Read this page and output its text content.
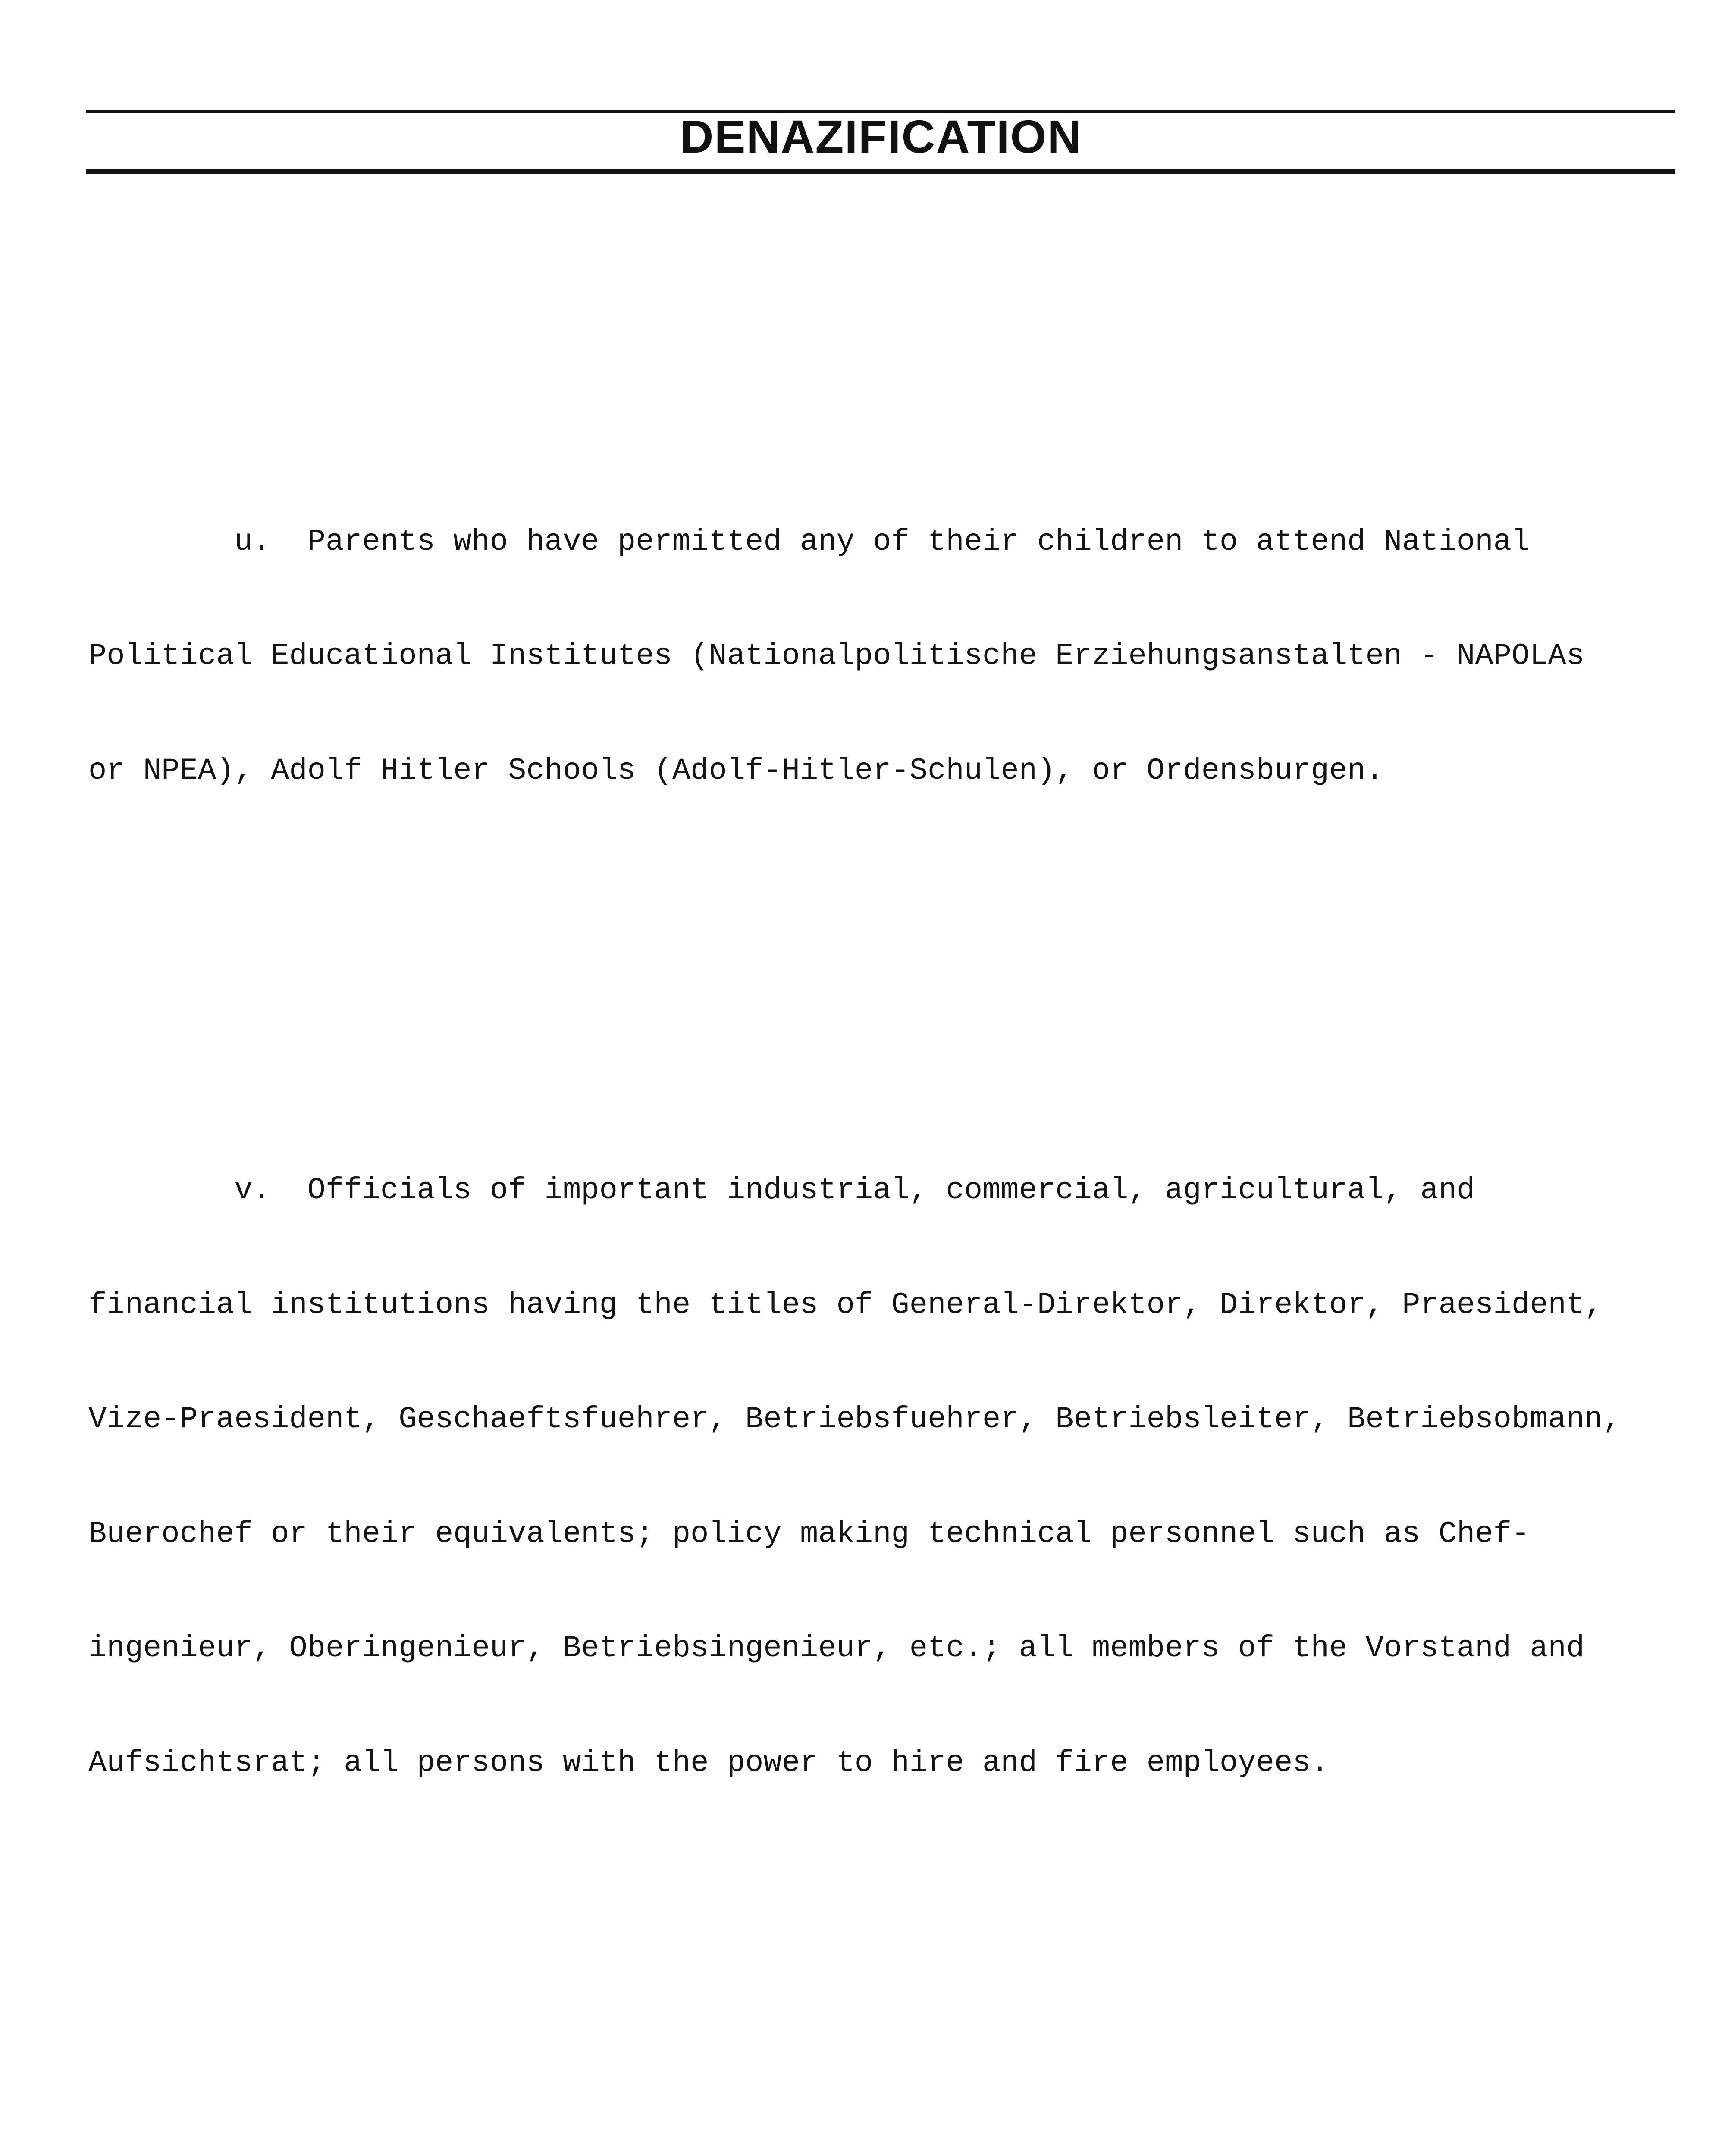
DENAZIFICATION

u.  Parents who have permitted any of their children to attend National

Political Educational Institutes (Nationalpolitische Erziehungsanstalten - NAPOLAs

or NPEA), Adolf Hitler Schools (Adolf-Hitler-Schulen), or Ordensburgen.

v.  Officials of important industrial, commercial, agricultural, and

financial institutions having the titles of General-Direktor, Direktor, Praesident,

Vize-Praesident, Geschaeftsfuehrer, Betriebsfuehrer, Betriebsleiter, Betriebsobmann,

Buerochef or their equivalents; policy making technical personnel such as Chef-

ingenieur, Oberingenieur, Betriebsingenieur, etc.; all members of the Vorstand and

Aufsichtsrat; all persons with the power to hire and fire employees.
